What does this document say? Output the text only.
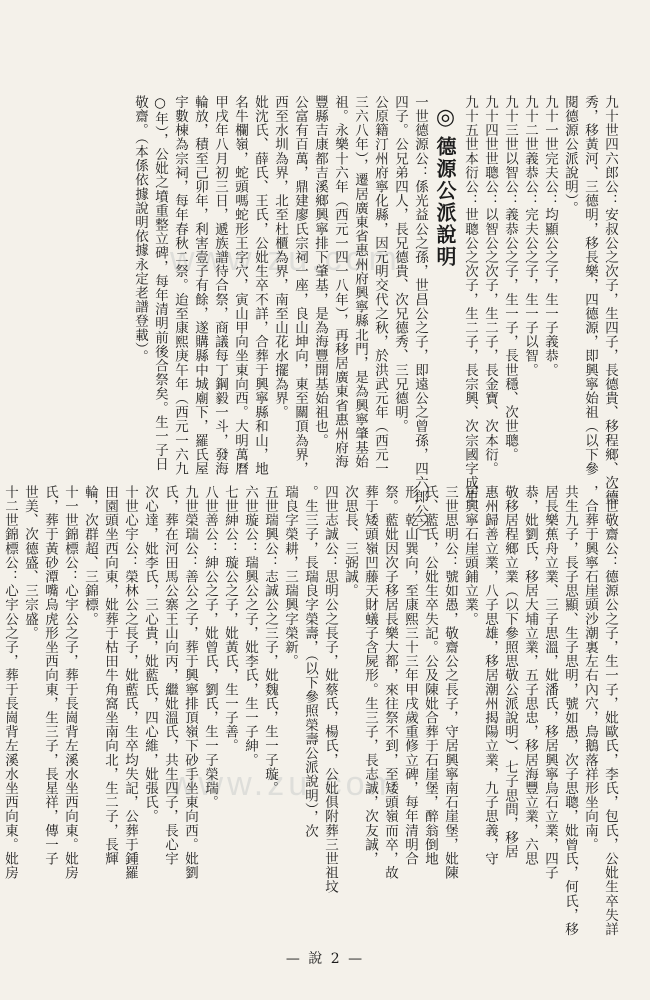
www.zu.com
www.zu.com
九十世四六郎公：安叔公之次子，生四子，長德貴、移程鄉、次德
秀，移黃河、三德明，移長樂，四德源，即興寧始祖（以下參
閱德源公派說明）。
九十一世完夫公：均顯公之子，生一子義恭。
九十二世義恭公：完夫公之子，生一子以智。
九十三世以智公：義恭公之子，生一子，長世穩、次世聰。
九十四世世聰公：以智公之次子，生二子，長金寶、次本衍。
九十五世本衍公：世聰公之次子，生二子，長宗興、次宗國字成生
◎德源公派說明
一世德源公：係光益公之孫，世昌公之子，即遠公之曾孫，四六郎公之
四子。公兄弟四人，長兄德貴、次兄德秀、三兄德明。
公原籍汀州府寧化縣，因元明交代之秋，於洪武元年（西元一
三六八年），遷居廣東省惠州府興寧縣北門，是為興寧肇基始
祖。永樂十六年（西元一四一八年），再移居廣東省惠州府海
豐縣吉康都吉溪鄉興寧排下肇基，是為海豐開基始祖也。
公富有百萬，鼎建廖氏宗祠一座，良山坤向，東至關頂為界，
西至水圳為界，北至杜櫃為界，南至山花水擺為界。
妣沈氏、薛氏、王氏，公妣生卒不詳，合葬于興寧縣和山，地
名牛欄嶺，蛇頭嗎蛇形王字穴，寅山甲向坐東向西。大明萬曆
甲戌年八月初三日，遞族譜待合祭，商議每丁鋼毅一斗，發海
輪放，積至己卯年，利害壹子有餘，遂購縣中城廟下，羅氏屋
宇數棟為宗祠，每年春秋二祭。迨至康熙庚午年（西元一六九
○年），公妣之墳重整立碑，每年清明前後合祭矣。生一子日
敬齋。（本係依據說明依據永定老譜登載）。
二世敬齋公：德源公之子，生一子，妣歐氏，李氏，包氏，公妣生卒失詳
，合葬于興寧石崖頭沙潮裏左右內穴，鳥鵝落祥形坐向南。
共生九子，長子思顯、生子思明，號如愚，次子思聰，妣曾氏，何氏，移
居長樂蕉舟立業、三子思溫，妣潘氏，移居興寧烏石立業，四子
恭，妣劉氏，移居大埔立業，五子思忠，移居海豐立業，六思
敬移居程鄉立業（以下參照思敬公派說明）、七子思問，移居
惠州歸善立業，八子思雄，移居潮州揭陽立業，九子思義，守
居興寧石崖頭鋪立業。
三世思明公：號如愚，敬齋公之長子，守居興寧南石崖堡，妣陳
氏、藍氏，公妣生卒失記。公及陳妣合葬于石崖堡，醉翁倒地
形，乾山巽向，至康熙三十三年甲戌歲重修立碑，每年清明合
祭。藍妣因次子移居長樂大都，來往祭不到，至矮頭嶺而卒，故
葬于矮頭嶺凹藤天財蟻子含屍形。生三子，長志誠，次友誠，
次思長、三弼誠。
四世志誠公：思明公之長子，妣蔡氏，楊氏，公妣俱附葬三世祖坟
。生三子，長瑞良字榮壽，（以下參照榮壽公派說明），次
瑞良字榮耕，三瑞興字榮新。
五世瑞興公：志誠公之三子，妣魏氏，生一子璇。
六世璇公：瑞興公之子，妣李氏，生一子紳。
七世紳公：璇公之子，妣黃氏，生一子善。
八世善公：紳公之子，妣曾氏，劉氏，生一子榮瑞。
九世榮瑞公：善公之子，葬于興寧排頂嶺下砂手坐東向西。妣劉
氏，葬在河田馬公寨王山向丙，繼妣溫氏，共生四子，長心宇
次心達，妣李氏，三心貴，妣藍氏，四心維，妣張氏。
十世心宇公：榮林公之長子，妣藍氏，生卒均失記，公葬于鍾羅
田園頭坐西向東，妣葬于枯田牛角窩坐南向北，生二子，長輝
輪，次群超、三錦標。
十一世錦標公：心宇公之子，葬于長崗背左溪水坐西向東。妣房
氏，葬于黃砂潭嘴烏虎形坐西向東，生三子，長星祥，傳一子
世美、次德盛、三宗盛。
十二世錦標公：心宇公之子，葬于長崗背左溪水坐西向東。妣房
— 說 2 —
